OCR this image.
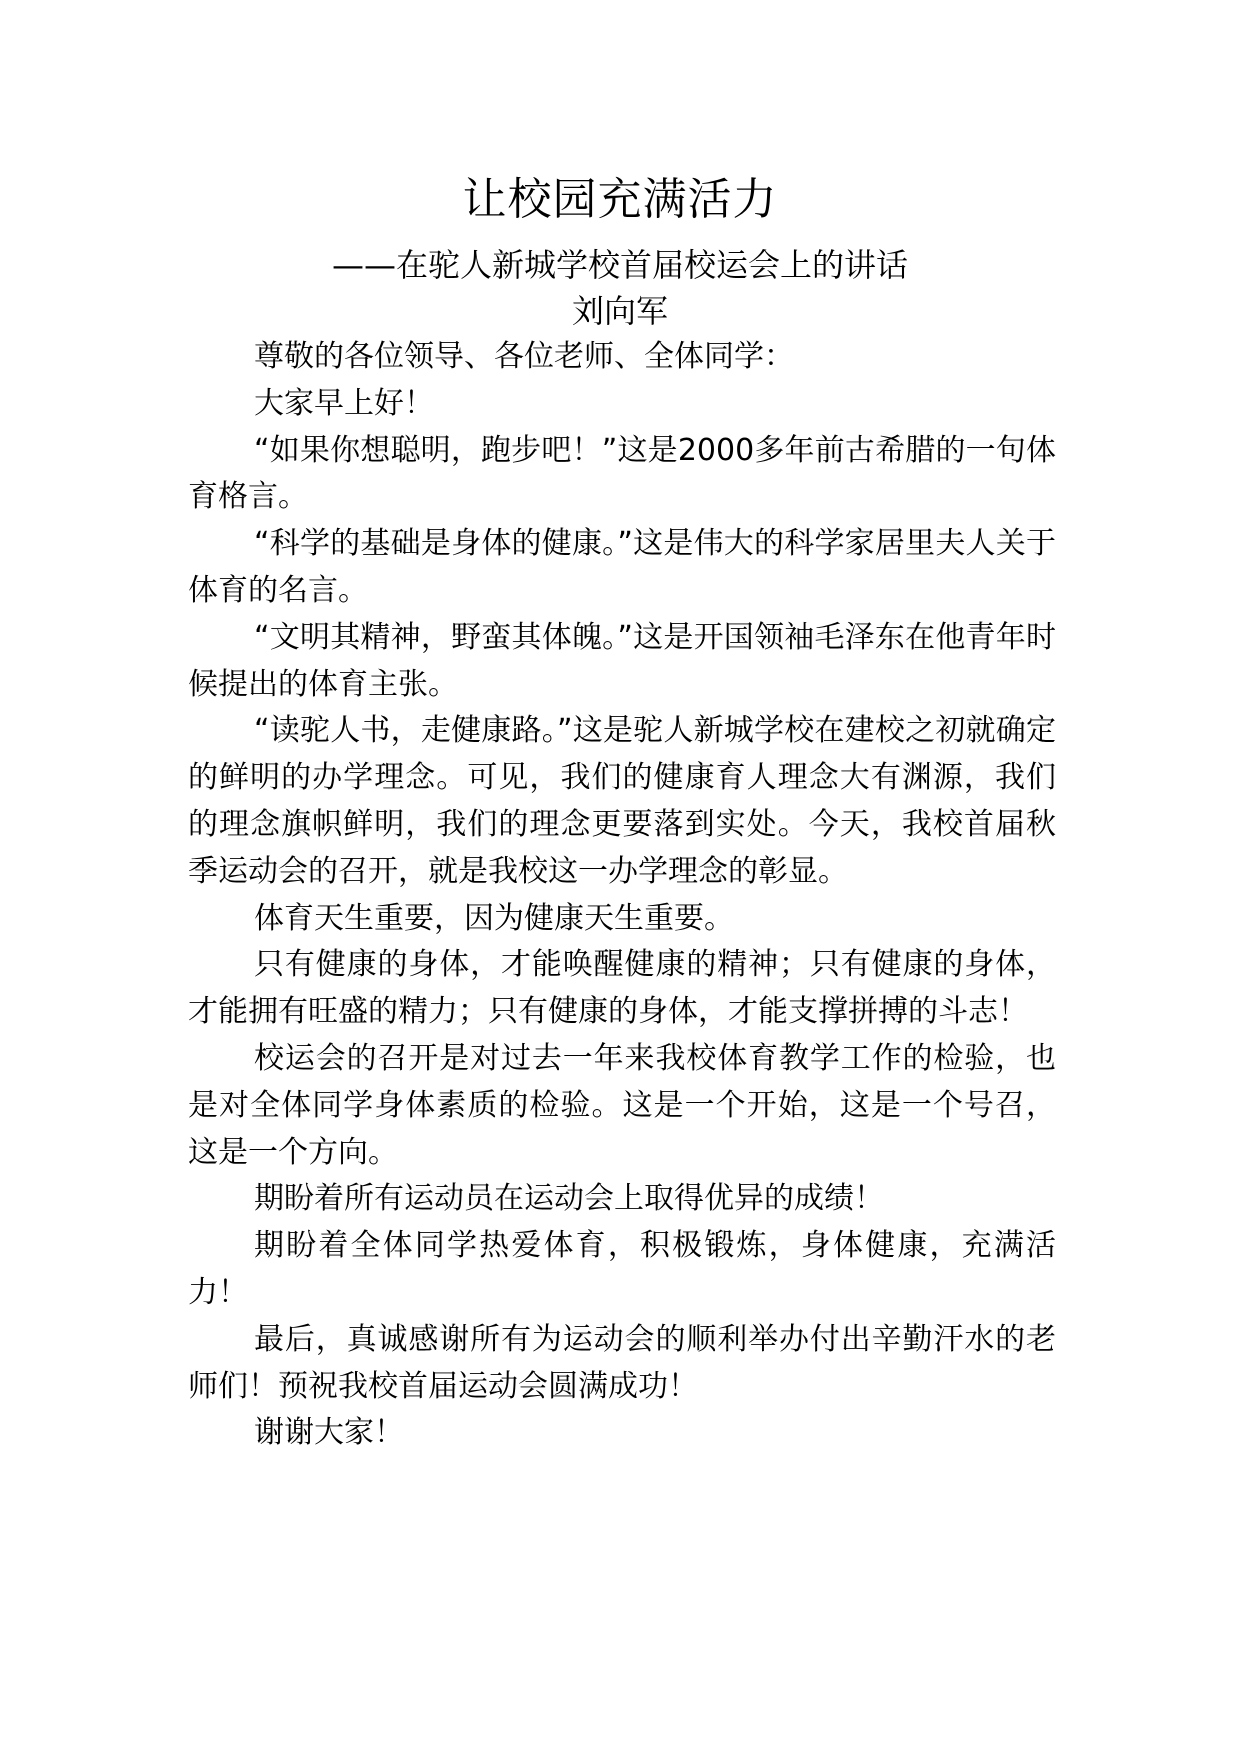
让校园充满活力
——在驼人新城学校首届校运会上的讲话
刘向军

尊敬的各位领导、各位老师、全体同学：

大家早上好！

“如果你想聪明，跑步吧！”这是2000多年前古希腊的一句体育格言。

“科学的基础是身体的健康。”这是伟大的科学家居里夫人关于体育的名言。

“文明其精神，野蛮其体魄。”这是开国领袖毛泽东在他青年时候提出的体育主张。

“读驼人书，走健康路。”这是驼人新城学校在建校之初就确定的鲜明的办学理念。可见，我们的健康育人理念大有渊源，我们的理念旗帜鲜明，我们的理念更要落到实处。今天，我校首届秋季运动会的召开，就是我校这一办学理念的彰显。

体育天生重要，因为健康天生重要。

只有健康的身体，才能唤醒健康的精神；只有健康的身体，才能拥有旺盛的精力；只有健康的身体，才能支撑拼搏的斗志！

校运会的召开是对过去一年来我校体育教学工作的检验，也是对全体同学身体素质的检验。这是一个开始，这是一个号召，这是一个方向。

期盼着所有运动员在运动会上取得优异的成绩！

期盼着全体同学热爱体育，积极锻炼，身体健康，充满活力！

最后，真诚感谢所有为运动会的顺利举办付出辛勤汗水的老师们！预祝我校首届运动会圆满成功！

谢谢大家！
